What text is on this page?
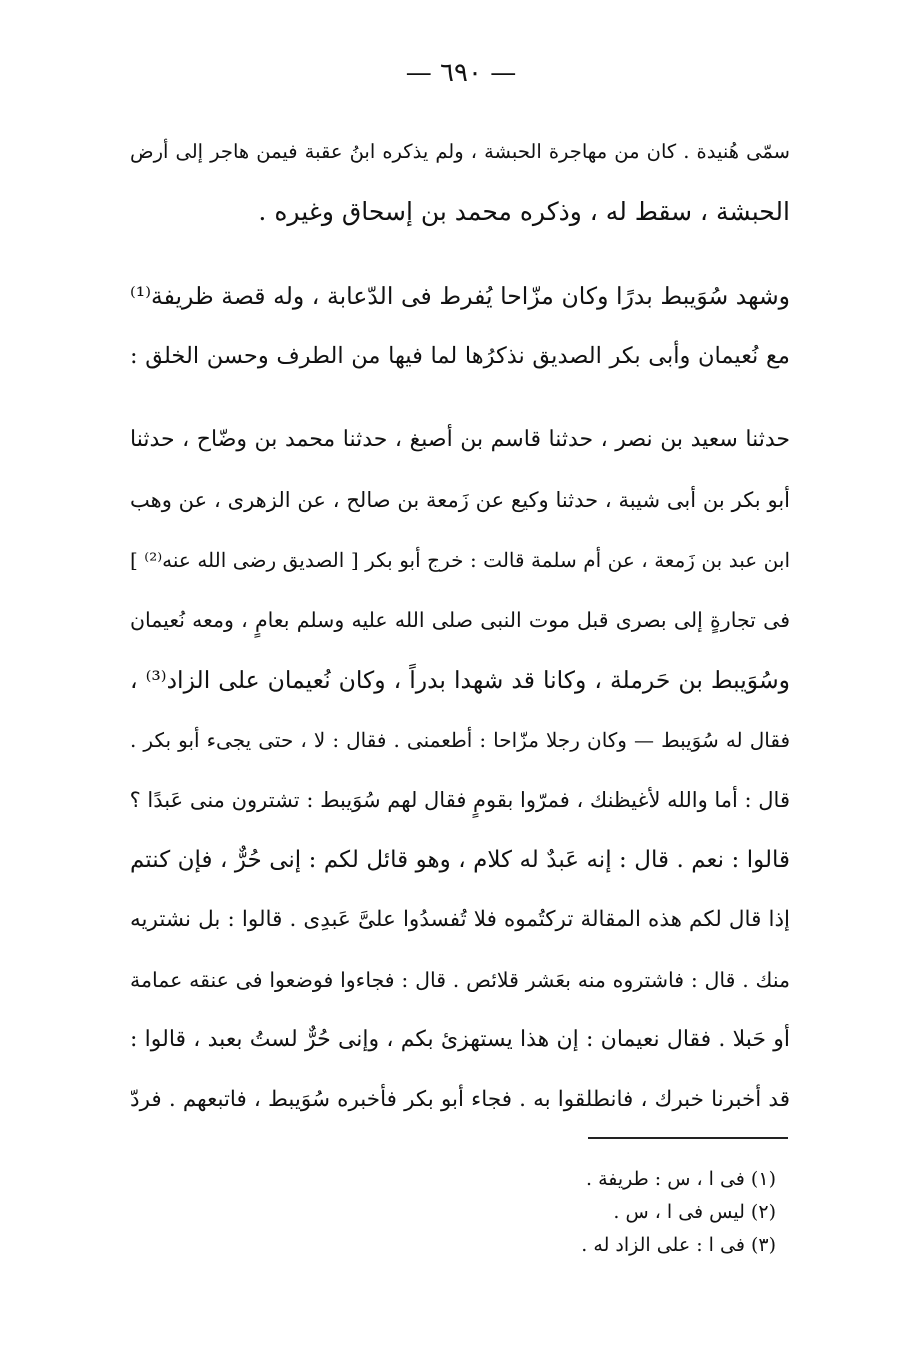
— ٦٩٠ —
سمّى هُنيدة . كان من مهاجرة الحبشة ، ولم يذكره ابنُ عقبة فيمن هاجر إلى أرض
الحبشة ، سقط له ، وذكره محمد بن إسحاق وغيره .
وشهد سُوَيبط بدرًا وكان مزّاحا يُفرط فى الدّعابة ، وله قصة ظريفة⁽¹⁾
مع نُعيمان وأبى بكر الصديق نذكرُها لما فيها من الطرف وحسن الخلق :
حدثنا سعيد بن نصر ، حدثنا قاسم بن أصبغ ، حدثنا محمد بن وضّاح ، حدثنا
أبو بكر بن أبى شيبة ، حدثنا وكيع عن زَمعة بن صالح ، عن الزهرى ، عن وهب
ابن عبد بن زَمعة ، عن أم سلمة قالت : خرج أبو بكر [ الصديق رضى الله عنه⁽²⁾ ]
فى تجارةٍ إلى بصرى قبل موت النبى صلى الله عليه وسلم بعامٍ ، ومعه نُعيمان
وسُوَيبط بن حَرملة ، وكانا قد شهدا بدراً ، وكان نُعيمان على الزاد⁽³⁾ ،
فقال له سُوَيبط — وكان رجلا مزّاحا : أطعمنى . فقال : لا ، حتى يجىء أبو بكر .
قال : أما والله لأغيظنك ، فمرّوا بقومٍ فقال لهم سُوَيبط : تشترون منى عَبدًا ؟
قالوا : نعم . قال : إنه عَبدٌ له كلام ، وهو قائل لكم : إنى حُرٌّ ، فإن كنتم
إذا قال لكم هذه المقالة تركتُموه فلا تُفسدُوا علىَّ عَبدِى . قالوا : بل نشتريه
منك . قال : فاشتروه منه بعَشر قلائص . قال : فجاءوا فوضعوا فى عنقه عمامة
أو حَبلا . فقال نعيمان : إن هذا يستهزئ بكم ، وإنى حُرٌّ لستُ بعبد ، قالوا :
قد أخبرنا خبرك ، فانطلقوا به . فجاء أبو بكر فأخبره سُوَيبط ، فاتبعهم . فردّ
(١) فى ا ، س : طريفة .
(٢) ليس فى ا ، س .
(٣) فى ا : على الزاد له .
